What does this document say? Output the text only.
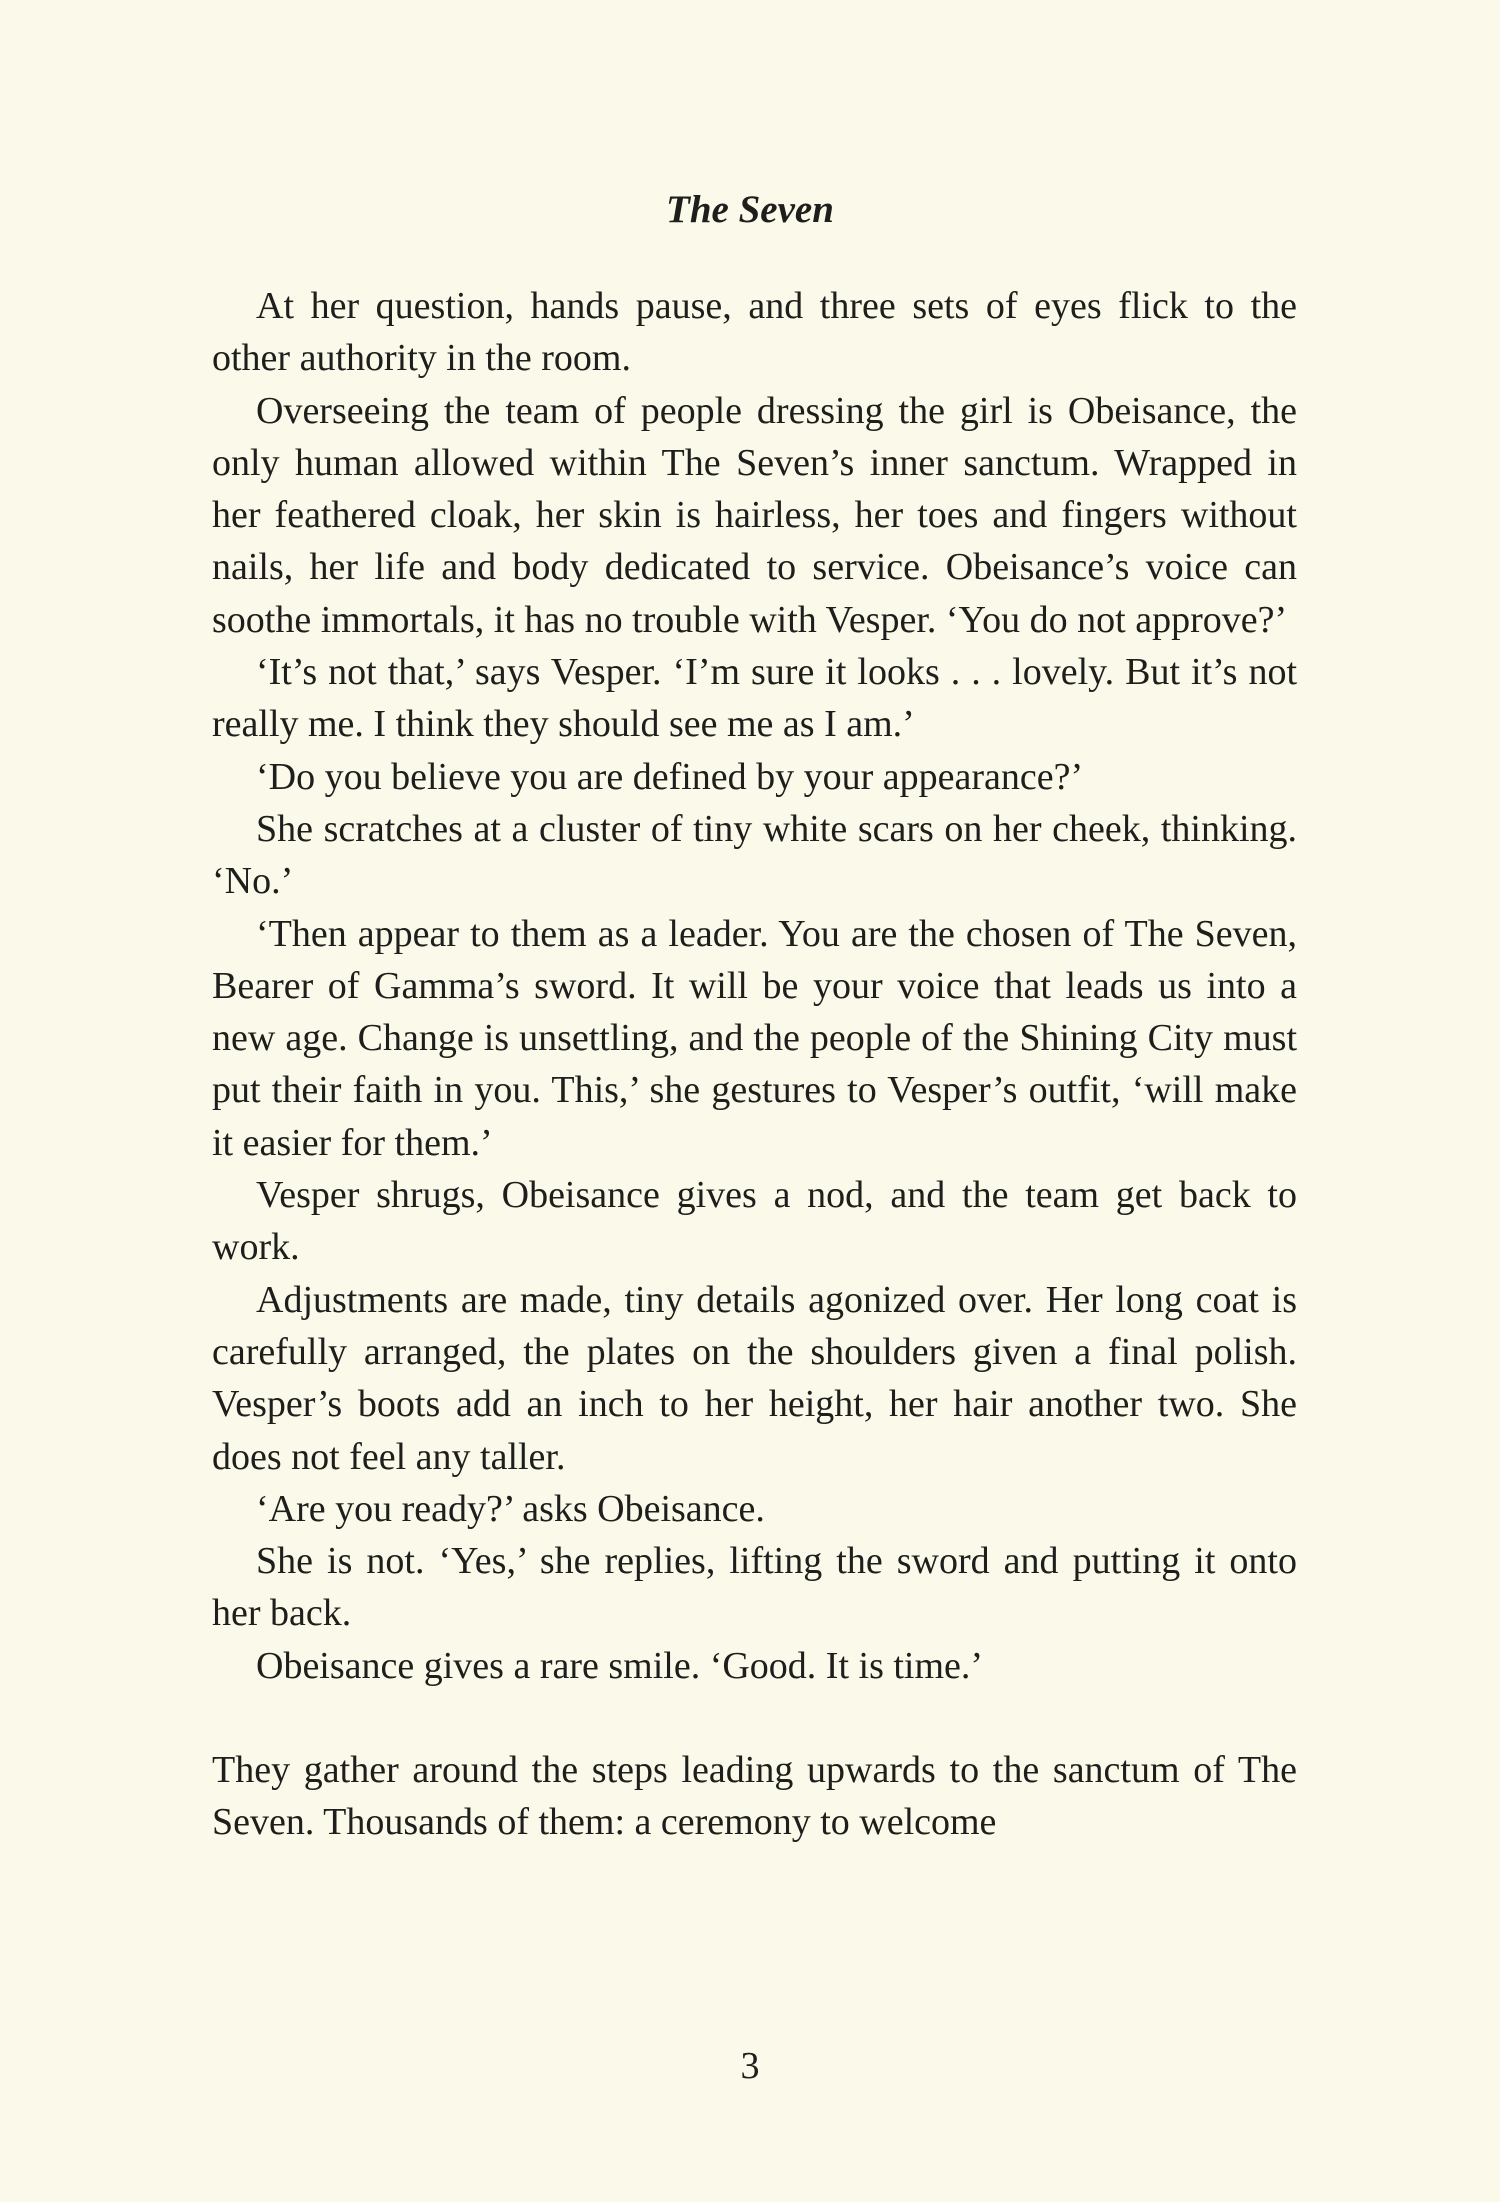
The Seven

At her question, hands pause, and three sets of eyes flick to the other authority in the room.

Overseeing the team of people dressing the girl is Obeisance, the only human allowed within The Seven’s inner sanctum. Wrapped in her feathered cloak, her skin is hairless, her toes and fingers without nails, her life and body dedicated to service. Obeisance’s voice can soothe immortals, it has no trouble with Vesper. ‘You do not approve?’

‘It’s not that,’ says Vesper. ‘I’m sure it looks . . . lovely. But it’s not really me. I think they should see me as I am.’

‘Do you believe you are defined by your appearance?’

She scratches at a cluster of tiny white scars on her cheek, thinking. ‘No.’

‘Then appear to them as a leader. You are the chosen of The Seven, Bearer of Gamma’s sword. It will be your voice that leads us into a new age. Change is unsettling, and the people of the Shining City must put their faith in you. This,’ she gestures to Vesper’s outfit, ‘will make it easier for them.’

Vesper shrugs, Obeisance gives a nod, and the team get back to work.

Adjustments are made, tiny details agonized over. Her long coat is carefully arranged, the plates on the shoulders given a final polish. Vesper’s boots add an inch to her height, her hair another two. She does not feel any taller.

‘Are you ready?’ asks Obeisance.

She is not. ‘Yes,’ she replies, lifting the sword and putting it onto her back.

Obeisance gives a rare smile. ‘Good. It is time.’

They gather around the steps leading upwards to the sanctum of The Seven. Thousands of them: a ceremony to welcome

3
